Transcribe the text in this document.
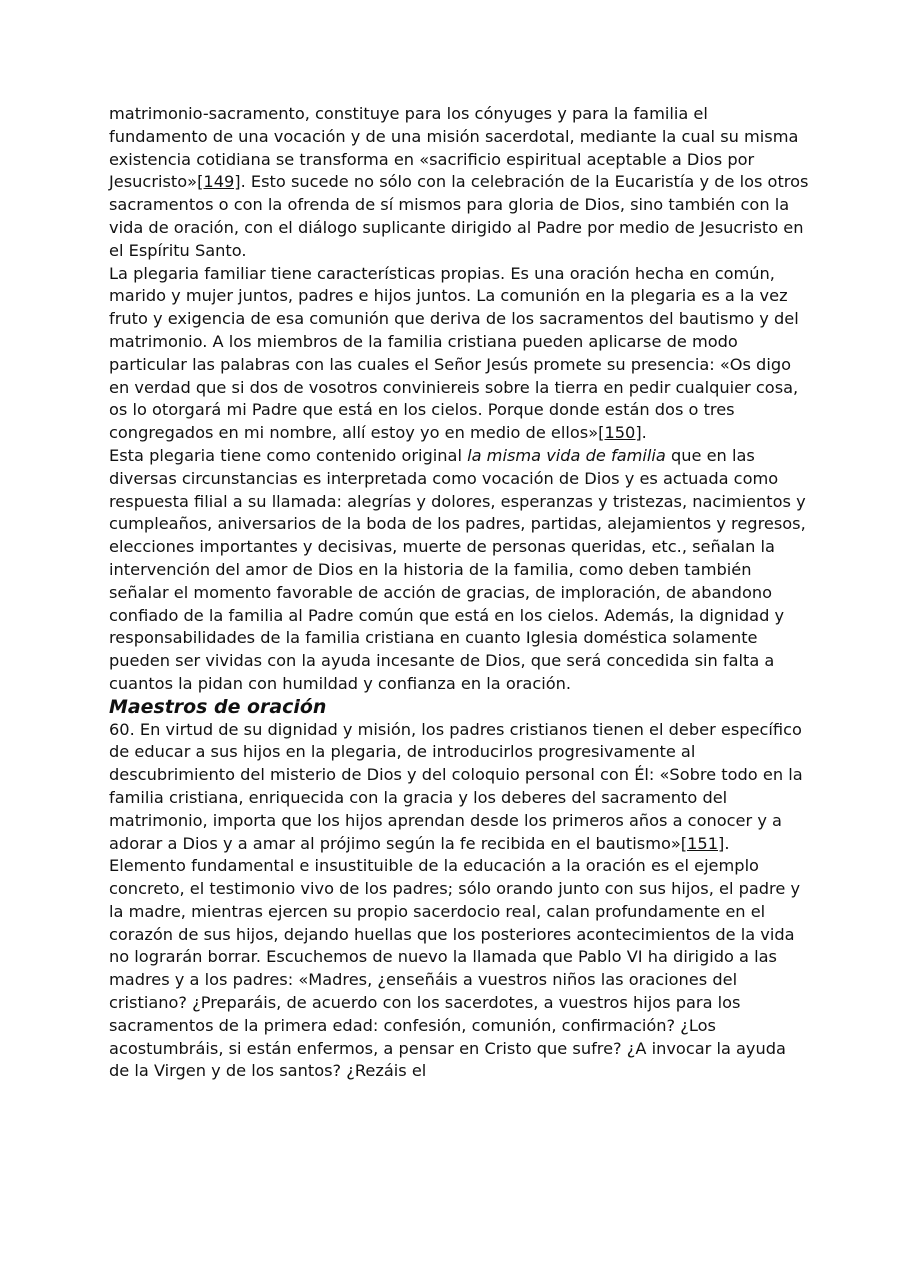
matrimonio-sacramento, constituye para los cónyuges y para la familia el fundamento de una vocación y de una misión sacerdotal, mediante la cual su misma existencia cotidiana se transforma en «sacrificio espiritual aceptable a Dios por Jesucristo»[149]. Esto sucede no sólo con la celebración de la Eucaristía y de los otros sacramentos o con la ofrenda de sí mismos para gloria de Dios, sino también con la vida de oración, con el diálogo suplicante dirigido al Padre por medio de Jesucristo en el Espíritu Santo.

La plegaria familiar tiene características propias. Es una oración hecha en común, marido y mujer juntos, padres e hijos juntos. La comunión en la plegaria es a la vez fruto y exigencia de esa comunión que deriva de los sacramentos del bautismo y del matrimonio. A los miembros de la familia cristiana pueden aplicarse de modo particular las palabras con las cuales el Señor Jesús promete su presencia: «Os digo en verdad que si dos de vosotros conviniereis sobre la tierra en pedir cualquier cosa, os lo otorgará mi Padre que está en los cielos. Porque donde están dos o tres congregados en mi nombre, allí estoy yo en medio de ellos»[150].

Esta plegaria tiene como contenido original la misma vida de familia que en las diversas circunstancias es interpretada como vocación de Dios y es actuada como respuesta filial a su llamada: alegrías y dolores, esperanzas y tristezas, nacimientos y cumpleaños, aniversarios de la boda de los padres, partidas, alejamientos y regresos, elecciones importantes y decisivas, muerte de personas queridas, etc., señalan la intervención del amor de Dios en la historia de la familia, como deben también señalar el momento favorable de acción de gracias, de imploración, de abandono confiado de la familia al Padre común que está en los cielos. Además, la dignidad y responsabilidades de la familia cristiana en cuanto Iglesia doméstica solamente pueden ser vividas con la ayuda incesante de Dios, que será concedida sin falta a cuantos la pidan con humildad y confianza en la oración.

Maestros de oración

60. En virtud de su dignidad y misión, los padres cristianos tienen el deber específico de educar a sus hijos en la plegaria, de introducirlos progresivamente al descubrimiento del misterio de Dios y del coloquio personal con Él: «Sobre todo en la familia cristiana, enriquecida con la gracia y los deberes del sacramento del matrimonio, importa que los hijos aprendan desde los primeros años a conocer y a adorar a Dios y a amar al prójimo según la fe recibida en el bautismo»[151].

Elemento fundamental e insustituible de la educación a la oración es el ejemplo concreto, el testimonio vivo de los padres; sólo orando junto con sus hijos, el padre y la madre, mientras ejercen su propio sacerdocio real, calan profundamente en el corazón de sus hijos, dejando huellas que los posteriores acontecimientos de la vida no lograrán borrar. Escuchemos de nuevo la llamada que Pablo VI ha dirigido a las madres y a los padres: «Madres, ¿enseñáis a vuestros niños las oraciones del cristiano? ¿Preparáis, de acuerdo con los sacerdotes, a vuestros hijos para los sacramentos de la primera edad: confesión, comunión, confirmación? ¿Los acostumbráis, si están enfermos, a pensar en Cristo que sufre? ¿A invocar la ayuda de la Virgen y de los santos? ¿Rezáis el
